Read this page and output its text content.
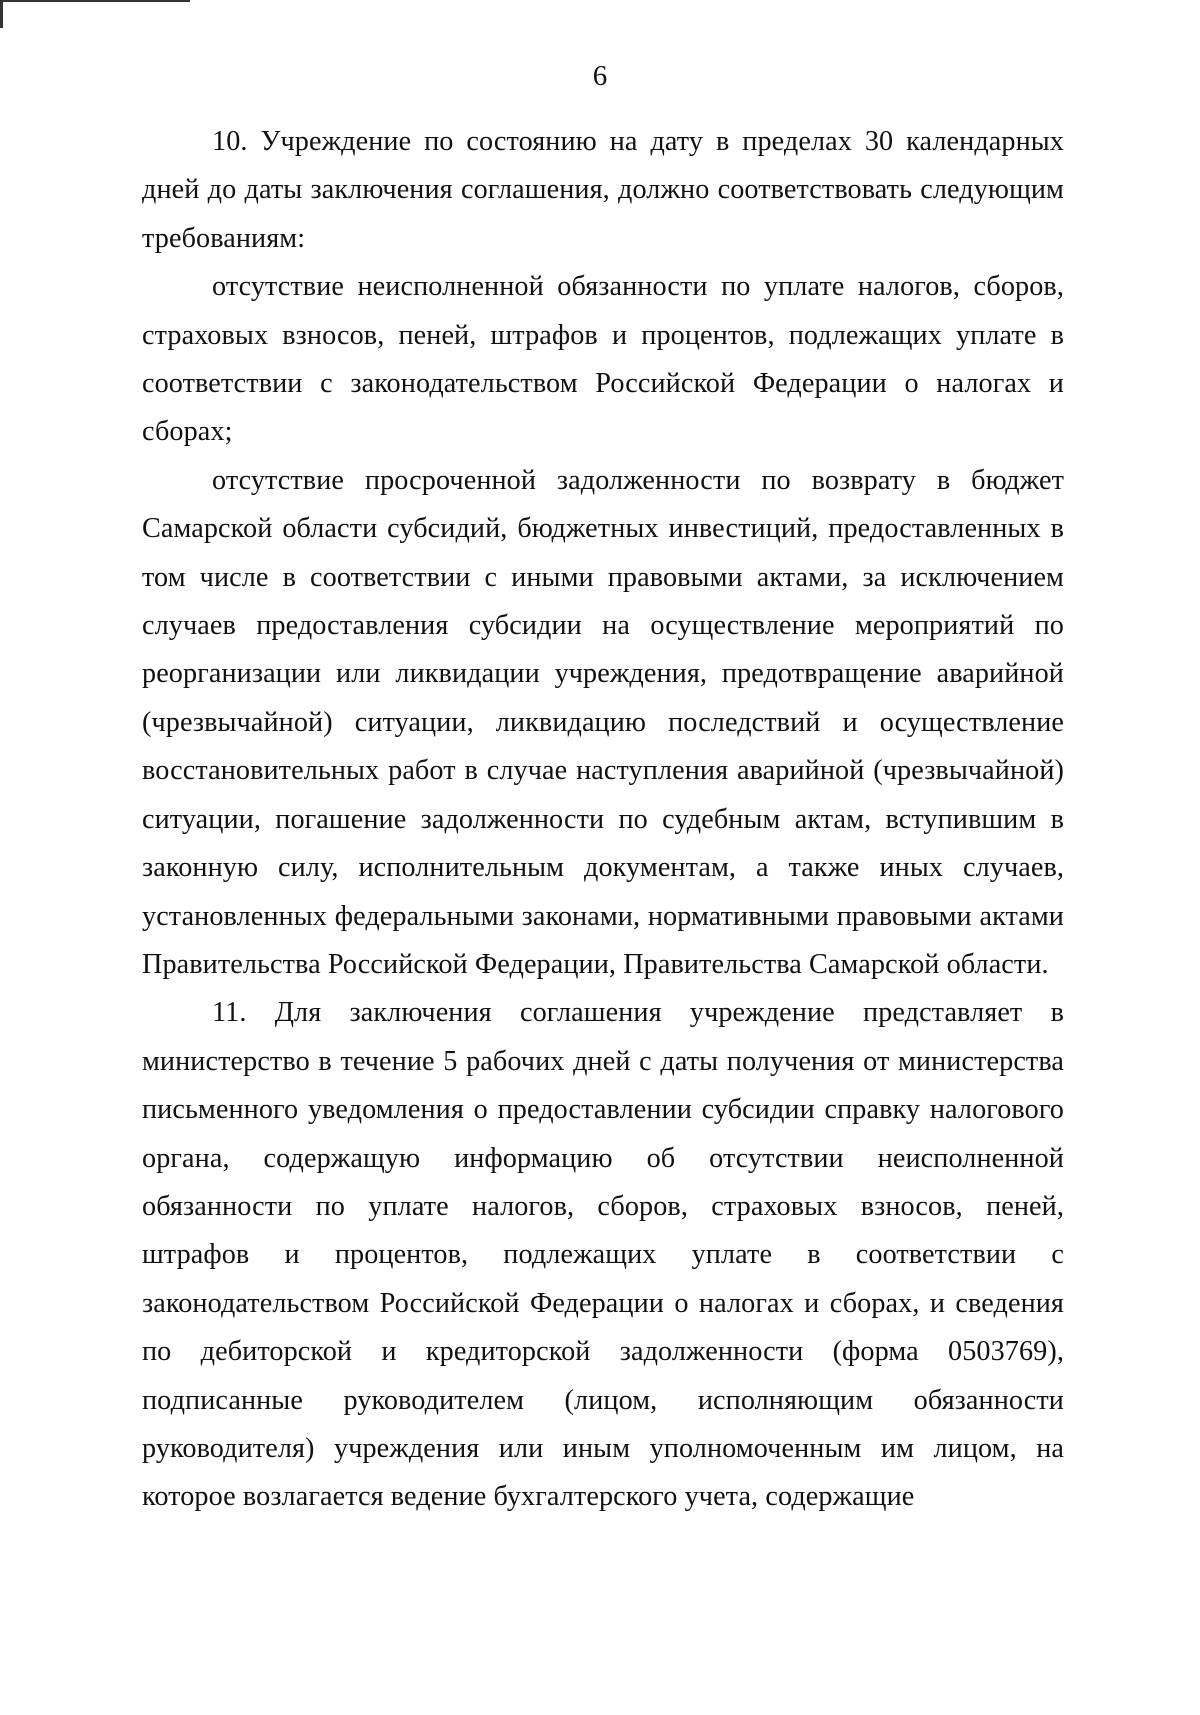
6

10. Учреждение по состоянию на дату в пределах 30 календарных дней до даты заключения соглашения, должно соответствовать следующим требованиям:

отсутствие неисполненной обязанности по уплате налогов, сборов, страховых взносов, пеней, штрафов и процентов, подлежащих уплате в соответствии с законодательством Российской Федерации о налогах и сборах;

отсутствие просроченной задолженности по возврату в бюджет Самарской области субсидий, бюджетных инвестиций, предоставленных в том числе в соответствии с иными правовыми актами, за исключением случаев предоставления субсидии на осуществление мероприятий по реорганизации или ликвидации учреждения, предотвращение аварийной (чрезвычайной) ситуации, ликвидацию последствий и осуществление восстановительных работ в случае наступления аварийной (чрезвычайной) ситуации, погашение задолженности по судебным актам, вступившим в законную силу, исполнительным документам, а также иных случаев, установленных федеральными законами, нормативными правовыми актами Правительства Российской Федерации, Правительства Самарской области.

11. Для заключения соглашения учреждение представляет в министерство в течение 5 рабочих дней с даты получения от министерства письменного уведомления о предоставлении субсидии справку налогового органа, содержащую информацию об отсутствии неисполненной обязанности по уплате налогов, сборов, страховых взносов, пеней, штрафов и процентов, подлежащих уплате в соответствии с законодательством Российской Федерации о налогах и сборах, и сведения по дебиторской и кредиторской задолженности (форма 0503769), подписанные руководителем (лицом, исполняющим обязанности руководителя) учреждения или иным уполномоченным им лицом, на которое возлагается ведение бухгалтерского учета, содержащие
